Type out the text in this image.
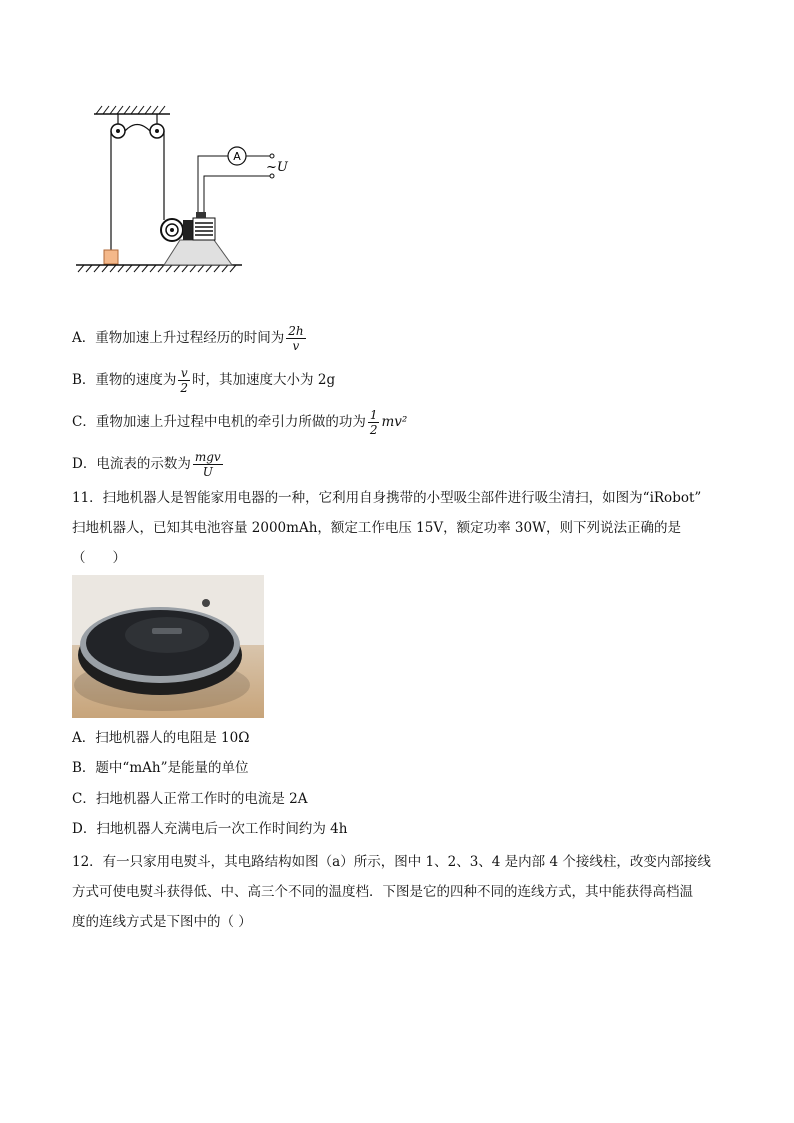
A
~U
A．重物加速上升过程经历的时间为 $\frac{2h}{v}$
B．重物的速度为 $\frac{v}{2}$ 时，其加速度大小为 2g
C．重物加速上升过程中电机的牵引力所做的功为 $\frac{1}{2} mv^2$
D．电流表的示数为 $\frac{\text{mgv}}{U}$
11．扫地机器人是智能家用电器的一种，它利用自身携带的小型吸尘部件进行吸尘清扫，如图为“iRobot”
扫地机器人，已知其电池容量 2000mAh，额定工作电压 15V，额定功率 30W，则下列说法正确的是
（　　）
A．扫地机器人的电阻是 10Ω
B．题中“mAh”是能量的单位
C．扫地机器人正常工作时的电流是 2A
D．扫地机器人充满电后一次工作时间约为 4h
12．有一只家用电熨斗，其电路结构如图（a）所示，图中 1、2、3、4 是内部 4 个接线柱，改变内部接线
方式可使电熨斗获得低、中、高三个不同的温度档．下图是它的四种不同的连线方式，其中能获得高档温
度的连线方式是下图中的（ ）
